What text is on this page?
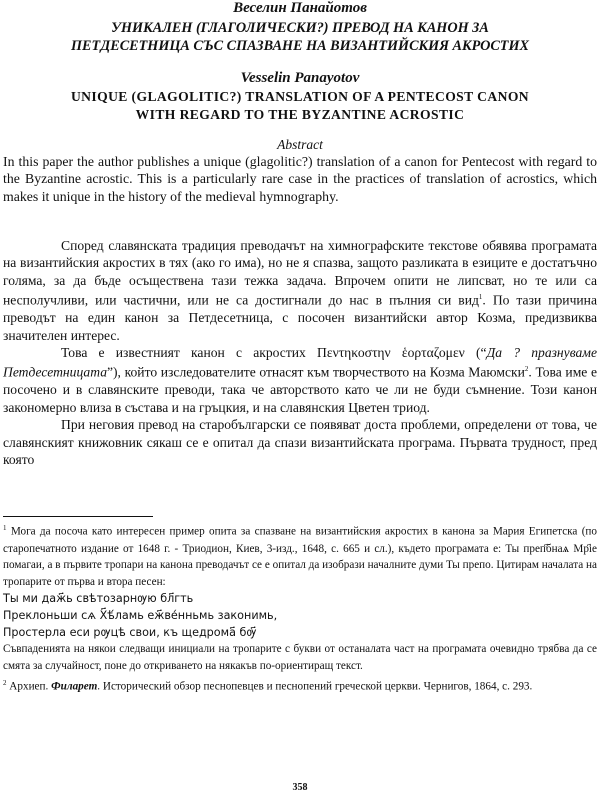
Веселин Панайотов
УНИКАЛЕН (ГЛАГОЛИЧЕСКИ?) ПРЕВОД НА КАНОН ЗА
ПЕТДЕСЕТНИЦА СЪС СПАЗВАНЕ НА ВИЗАНТИЙСКИЯ АКРОСТИХ
Vesselin Panayotov
UNIQUE (GLAGOLITIC?) TRANSLATION OF A PENTECOST CANON
WITH REGARD TO THE BYZANTINE ACROSTIC
Abstract
In this paper the author publishes a unique (glagolitic?) translation of a canon for Pentecost with regard to the Byzantine acrostic. This is a particularly rare case in the practices of translation of acrostics, which makes it unique in the history of the medieval hymnography.

Според славянската традиция преводачът на химнографските текстове обявява програмата на византийския акростих в тях (ако го има), но не я спазва, защото разликата в езиците е достатъчно голяма, за да бъде осъществена тази тежка задача. Впрочем опити не липсват, но те или са несполучливи, или частични, или не са достигнали до нас в пълния си вид$^1$. По тази причина преводът на един канон за Петдесетница, с посочен византийски автор Козма, предизвиква значителен интерес.

Това е известният канон с акростих Πεντηκοστην ἑορταζομεν (“Да ? празнуваме Петдесетницата”), който изследователите отнасят към творчеството на Козма Маюмски$^2$. Това име е посочено и в славянските преводи, така че авторството като че ли не буди съмнение. Този канон закономерно влиза в състава и на гръцкия, и на славянския Цветен триод.

При неговия превод на старобългарски се появяват доста проблеми, определени от това, че славянският книжовник сякаш се е опитал да спази византийската програма. Първата трудност, пред която

$^1$ Мога да посоча като интересен пример опита за спазване на византийския акростих в канона за Мария Египетска (по старопечатното издание от 1648 г. - Триодион, Киев, 3-изд., 1648, с. 665 и сл.), където програмата е: Ты преп҃бнаѧ Мр҃іе помагаи, а в първите тропари на канона преводачът се е опитал да изобрази началните думи Ты препо. Цитирам началата на тропарите от първа и втора песен:

Ты ми даж҃ь свѣтозарнѹю бл҃гть

Преклоньши сѧ Х҃ѣ́ламь еж҃ве́нньмь законимь,

Простерла еси рѹцѣ свои, къ щедрома҃ бѹ҃

Съвпаденията на някои следващи инициали на тропарите с букви от останалата част на програмата очевидно трябва да се смята за случайност, поне до откриването на някакъв по-ориентиращ текст.

$^2$ Архиеп. Филарет. Исторический обзор песнопевцев и песнопений греческой церкви. Чернигов, 1864, с. 293.

358
